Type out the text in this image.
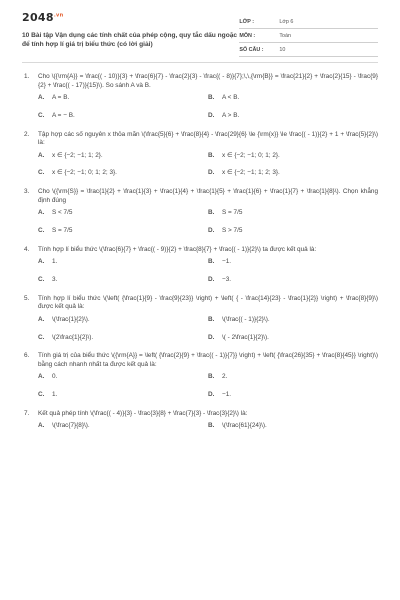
$2048^{.vn}$
10 Bài tập Vận dụng các tính chất của phép cộng, quy tắc dấu ngoặc để tính hợp lí giá trị biểu thức (có lời giải)
LỚP :	Lớp 6
MÔN :	Toán
SỐ CÂU :	10
1.	Cho \({\rm{A}} = \frac{( - 10)}{3} + \frac{6}{7} - \frac{2}{3} - \frac{( - 8)}{7};\,\,{\rm{B}} = \frac{21}{2} + \frac{2}{15} - \frac{9}{2} + \frac{( - 17)}{15}\). So sánh A và B.
A.	A = B.	B.	A < B.
C.	A = − B.	D.	A > B.
2.	Tập hợp các số nguyên x thỏa mãn \(\frac{5}{6} + \frac{8}{4} - \frac{29}{6} \le {\rm{x}} \le \frac{( - 1)}{2} + 1 + \frac{5}{2}\) là:
A.	x ∈ {−2; −1; 1; 2}.	B.	x ∈ {−2; −1; 0; 1; 2}.
C.	x ∈ {−2; −1; 0; 1; 2; 3}.	D.	x ∈ {−2; −1; 1; 2; 3}.
3.	Cho \({\rm{S}} = \frac{1}{2} + \frac{1}{3} + \frac{1}{4} + \frac{1}{5} + \frac{1}{6} + \frac{1}{7} + \frac{1}{8}\). Chọn khẳng định đúng
A.	S < 7/5	B.	S = 7/5
C.	S = 7/5	D.	S > 7/5
4.	Tính hợp lí biểu thức \(\frac{6}{7} + \frac{( - 9)}{2} + \frac{8}{7} + \frac{( - 1)}{2}\) ta được kết quả là:
A.	1.	B.	−1.
C.	3.	D.	−3.
5.	Tính hợp lí biểu thức \(\left( {\frac{1}{9} - \frac{9}{23}} \right) + \left( { - \frac{14}{23} - \frac{1}{2}} \right) + \frac{8}{9}\) được kết quả là:
A.	\(\frac{1}{2}\).	B.	\(\frac{( - 1)}{2}\).
C.	\(2\frac{1}{2}\).	D.	\( - 2\frac{1}{2}\).
6.	Tính giá trị của biểu thức \({\rm{A}} = \left( {\frac{2}{9} + \frac{( - 1)}{7}} \right) + \left( {\frac{26}{35} + \frac{8}{45}} \right)\) bằng cách nhanh nhất ta được kết quả là:
A.	0.	B.	2.
C.	1.	D.	−1.
7.	Kết quả phép tính \(\frac{( - 4)}{3} - \frac{3}{8} + \frac{7}{3} - \frac{3}{2}\) là:
A.	\(\frac{7}{8}\).	B.	\(\frac{61}{24}\).
